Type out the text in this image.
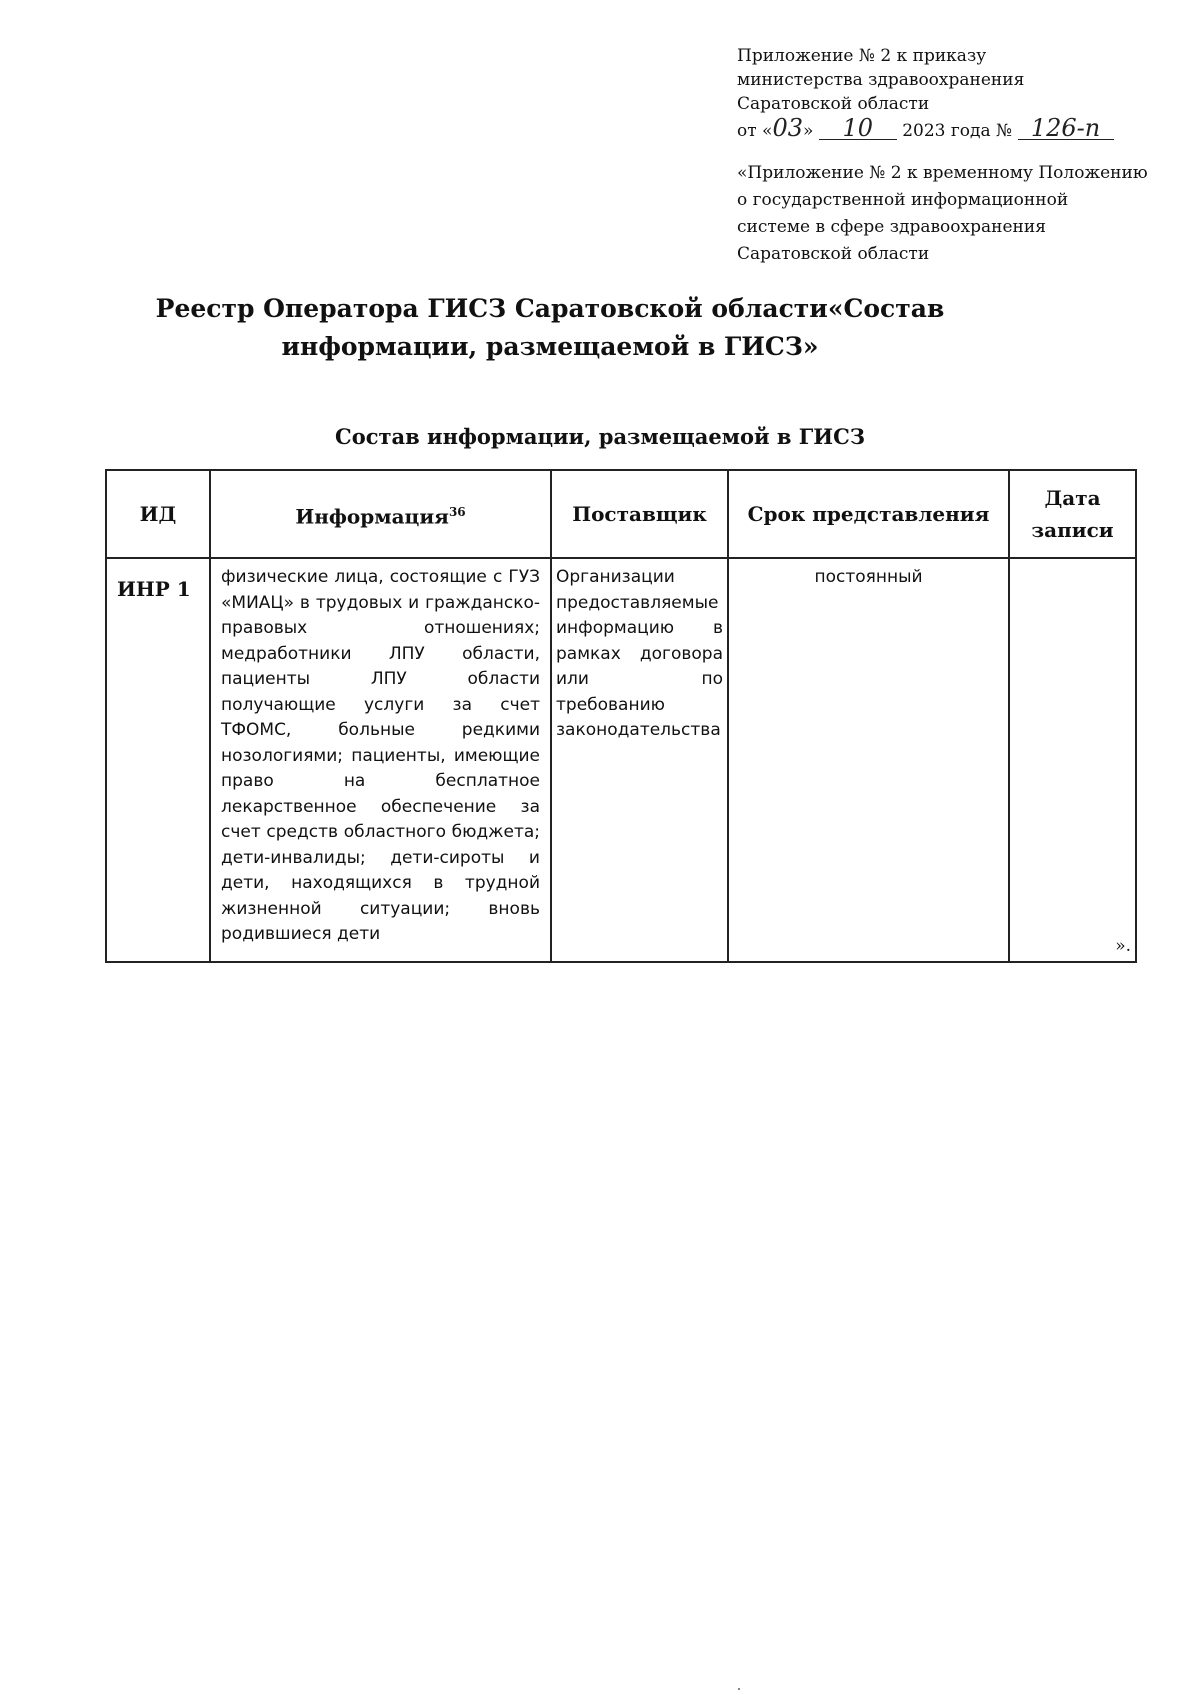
Приложение № 2 к приказу
министерства здравоохранения
Саратовской области
от «03» 10 2023 года № 126-п
«Приложение № 2 к временному Положению
о государственной информационной
системе в сфере здравоохранения
Саратовской области
Реестр Оператора ГИСЗ Саратовской области«Состав
информации, размещаемой в ГИСЗ»
Состав информации, размещаемой в ГИСЗ
ИД	Информация$^{36}$	Поставщик	Срок представления	Дата
записи

ИНР 1	физические лица, состоящие с ГУЗ «МИАЦ» в трудовых и гражданско-правовых отношениях; медработники ЛПУ области, пациенты ЛПУ области получающие услуги за счет ТФОМС, больные редкими нозологиями; пациенты, имеющие право на бесплатное лекарственное обеспечение за счет средств областного бюджета; дети-инвалиды; дети-сироты и дети, находящихся в трудной жизненной ситуации; вновь родившиеся дети	Организации предоставляемые информацию в рамках договора или по требованию законодательства	постоянный	».
